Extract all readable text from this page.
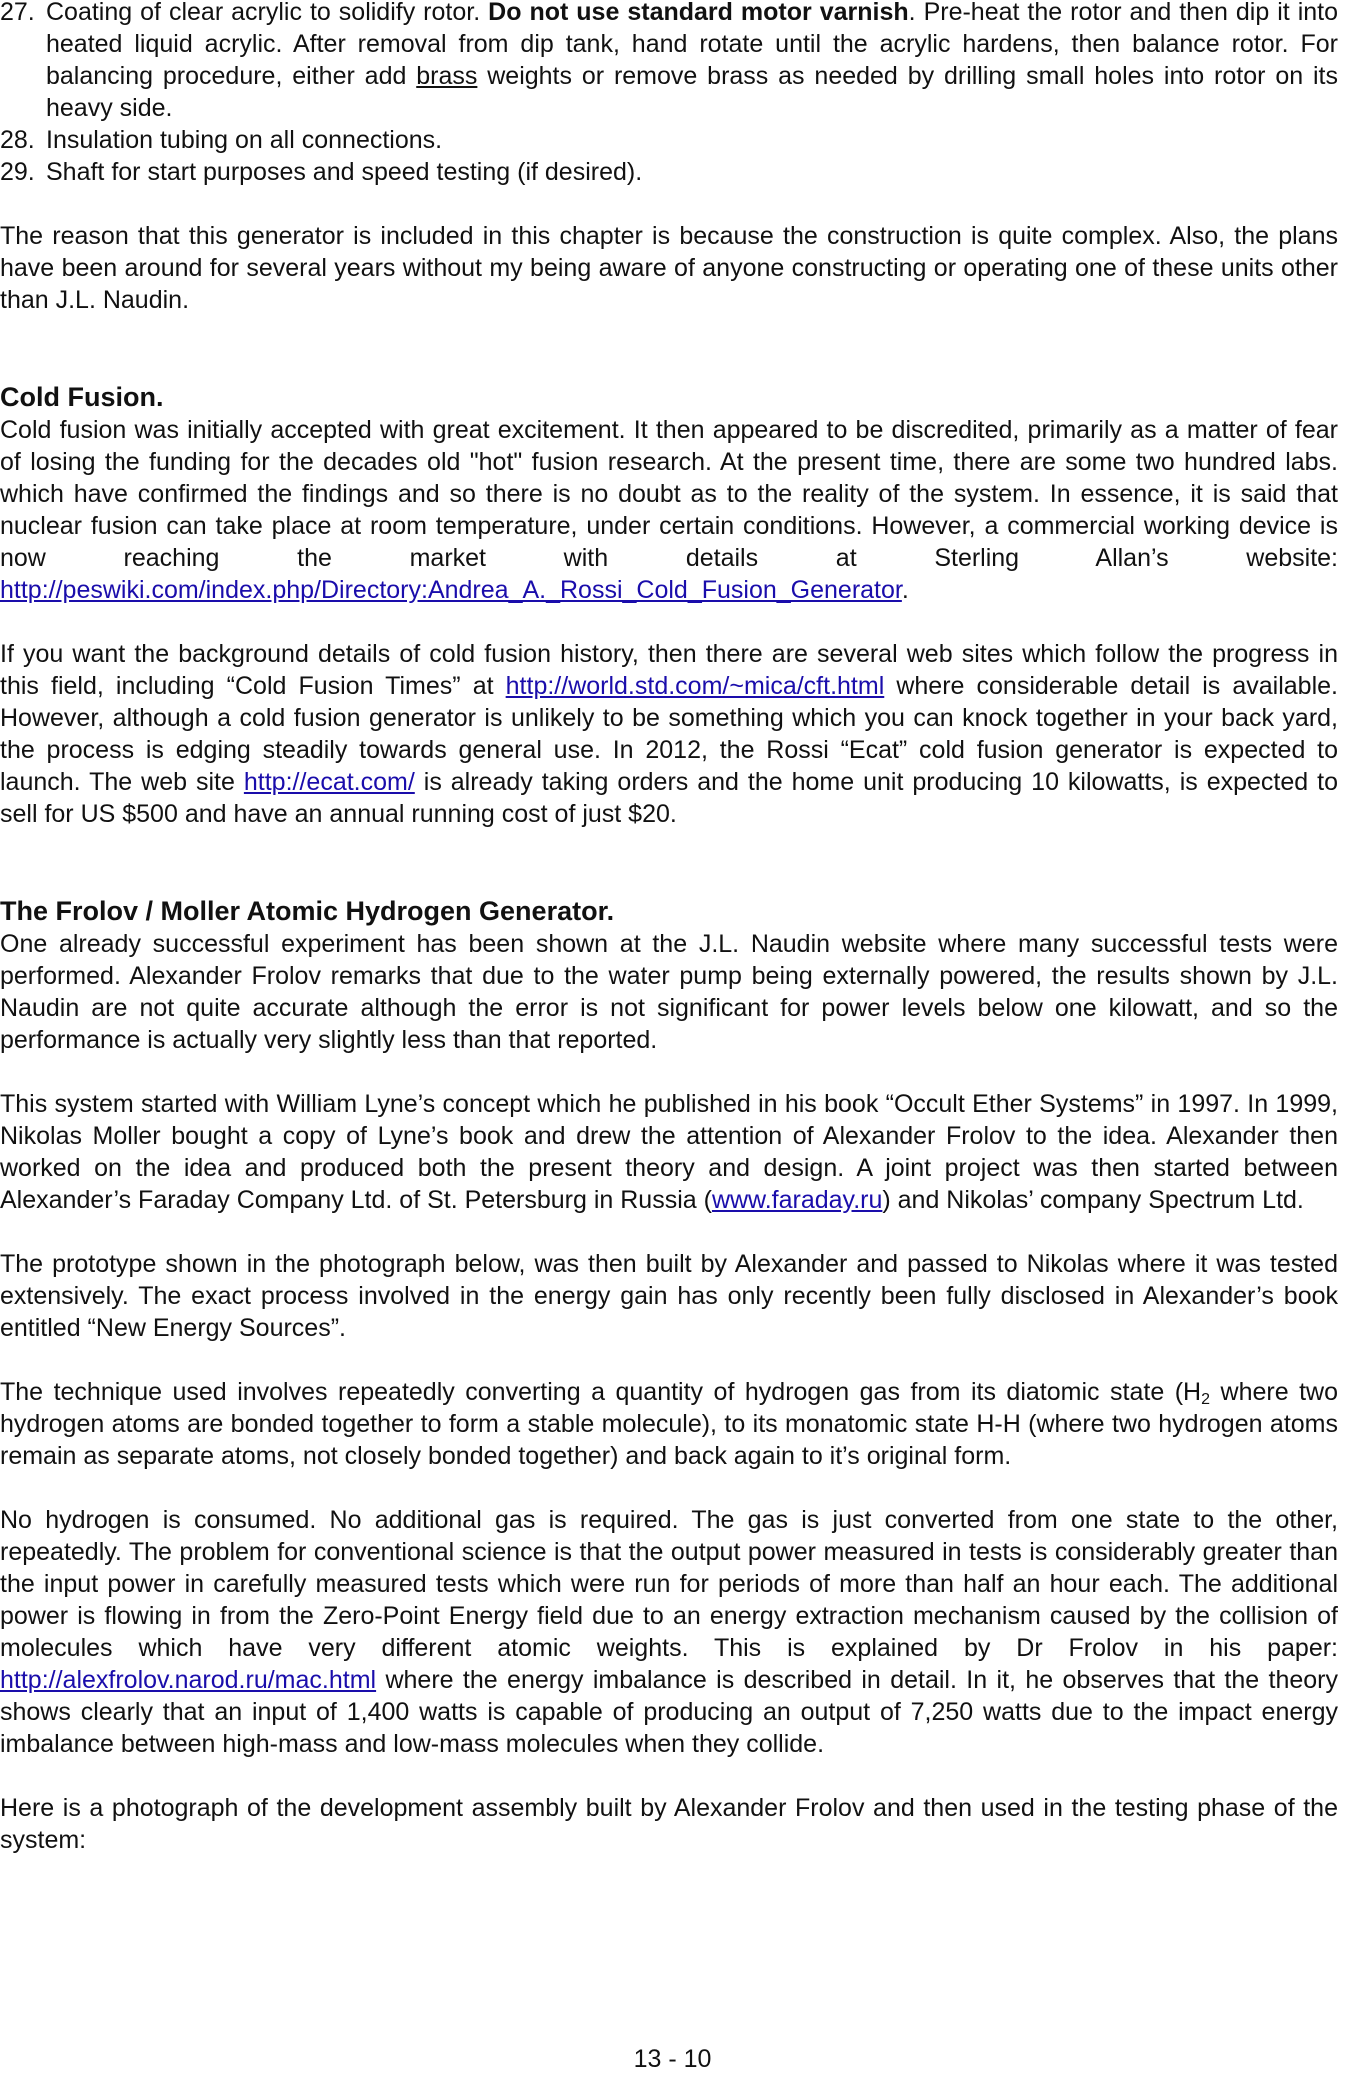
27. Coating of clear acrylic to solidify rotor. Do not use standard motor varnish. Pre-heat the rotor and then dip it into heated liquid acrylic. After removal from dip tank, hand rotate until the acrylic hardens, then balance rotor. For balancing procedure, either add brass weights or remove brass as needed by drilling small holes into rotor on its heavy side.
28. Insulation tubing on all connections.
29. Shaft for start purposes and speed testing (if desired).

The reason that this generator is included in this chapter is because the construction is quite complex. Also, the plans have been around for several years without my being aware of anyone constructing or operating one of these units other than J.L. Naudin.

Cold Fusion.

Cold fusion was initially accepted with great excitement. It then appeared to be discredited, primarily as a matter of fear of losing the funding for the decades old "hot" fusion research. At the present time, there are some two hundred labs. which have confirmed the findings and so there is no doubt as to the reality of the system. In essence, it is said that nuclear fusion can take place at room temperature, under certain conditions. However, a commercial working device is now reaching the market with details at Sterling Allan’s website: http://peswiki.com/index.php/Directory:Andrea_A._Rossi_Cold_Fusion_Generator.

If you want the background details of cold fusion history, then there are several web sites which follow the progress in this field, including “Cold Fusion Times” at http://world.std.com/~mica/cft.html where considerable detail is available. However, although a cold fusion generator is unlikely to be something which you can knock together in your back yard, the process is edging steadily towards general use. In 2012, the Rossi “Ecat” cold fusion generator is expected to launch. The web site http://ecat.com/ is already taking orders and the home unit producing 10 kilowatts, is expected to sell for US $500 and have an annual running cost of just $20.

The Frolov / Moller Atomic Hydrogen Generator.

One already successful experiment has been shown at the J.L. Naudin website where many successful tests were performed. Alexander Frolov remarks that due to the water pump being externally powered, the results shown by J.L. Naudin are not quite accurate although the error is not significant for power levels below one kilowatt, and so the performance is actually very slightly less than that reported.

This system started with William Lyne’s concept which he published in his book “Occult Ether Systems” in 1997. In 1999, Nikolas Moller bought a copy of Lyne’s book and drew the attention of Alexander Frolov to the idea. Alexander then worked on the idea and produced both the present theory and design. A joint project was then started between Alexander’s Faraday Company Ltd. of St. Petersburg in Russia (www.faraday.ru) and Nikolas’ company Spectrum Ltd.

The prototype shown in the photograph below, was then built by Alexander and passed to Nikolas where it was tested extensively. The exact process involved in the energy gain has only recently been fully disclosed in Alexander’s book entitled “New Energy Sources”.

The technique used involves repeatedly converting a quantity of hydrogen gas from its diatomic state ($H_2$ where two hydrogen atoms are bonded together to form a stable molecule), to its monatomic state H-H (where two hydrogen atoms remain as separate atoms, not closely bonded together) and back again to it’s original form.

No hydrogen is consumed. No additional gas is required. The gas is just converted from one state to the other, repeatedly. The problem for conventional science is that the output power measured in tests is considerably greater than the input power in carefully measured tests which were run for periods of more than half an hour each. The additional power is flowing in from the Zero-Point Energy field due to an energy extraction mechanism caused by the collision of molecules which have very different atomic weights. This is explained by Dr Frolov in his paper: http://alexfrolov.narod.ru/mac.html where the energy imbalance is described in detail. In it, he observes that the theory shows clearly that an input of 1,400 watts is capable of producing an output of 7,250 watts due to the impact energy imbalance between high-mass and low-mass molecules when they collide.

Here is a photograph of the development assembly built by Alexander Frolov and then used in the testing phase of the system:

13 - 10
